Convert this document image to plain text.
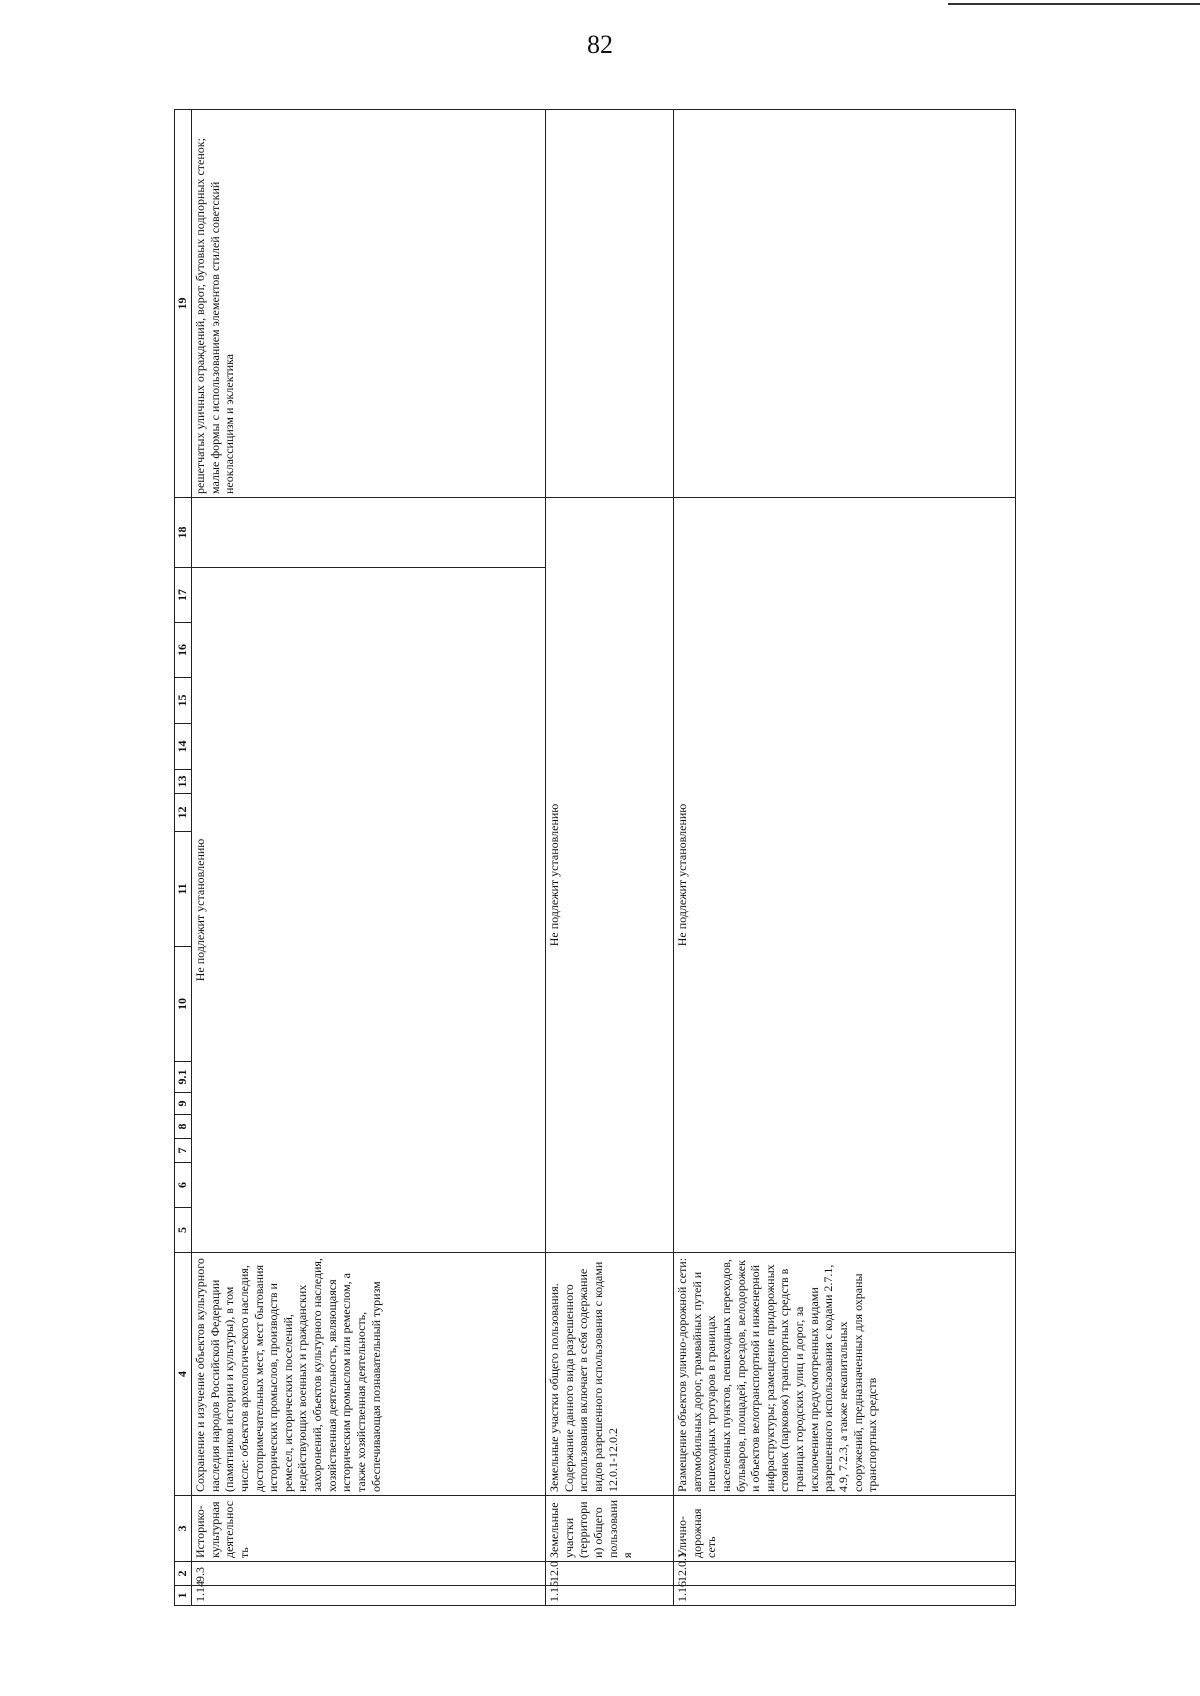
82
1	2	3	4	5	6	7	8	9	9.1	10	11	12	13	14	15	16	17	18	19
1.14	9.3	Историко-культурная деятельность	Сохранение и изучение объектов культурного наследия народов Российской Федерации (памятников истории и культуры), в том числе: объектов археологического наследия, достопримечательных мест, мест бытования исторических промыслов, производств и ремесел, исторических поселений, недействующих военных и гражданских захоронений, объектов культурного наследия, хозяйственная деятельность, являющаяся историческим промыслом или ремеслом, а также хозяйственная деятельность, обеспечивающая познавательный туризм	Не подлежит установлению															решетчатых уличных ограждений, ворот, бутовых подпорных стенок; малые формы с использованием элементов стилей советский неоклассицизм и эклектика
1.15	12.0	Земельные участки (территории) общего пользования	Земельные участки общего пользования. Содержание данного вида разрешенного использования включает в себя содержание видов разрешенного использования с кодами 12.0.1-12.0.2	Не подлежит установлению															
1.16	12.0.1	Улично-дорожная сеть	Размещение объектов улично-дорожной сети: автомобильных дорог, трамвайных путей и пешеходных тротуаров в границах населенных пунктов, пешеходных переходов, бульваров, площадей, проездов, велодорожек и объектов велотранспортной и инженерной инфраструктуры; размещение придорожных стоянок (парковок) транспортных средств в границах городских улиц и дорог, за исключением предусмотренных видами разрешенного использования с кодами 2.7.1, 4.9, 7.2.3, а также некапитальных сооружений, предназначенных для охраны транспортных средств	Не подлежит установлению															
